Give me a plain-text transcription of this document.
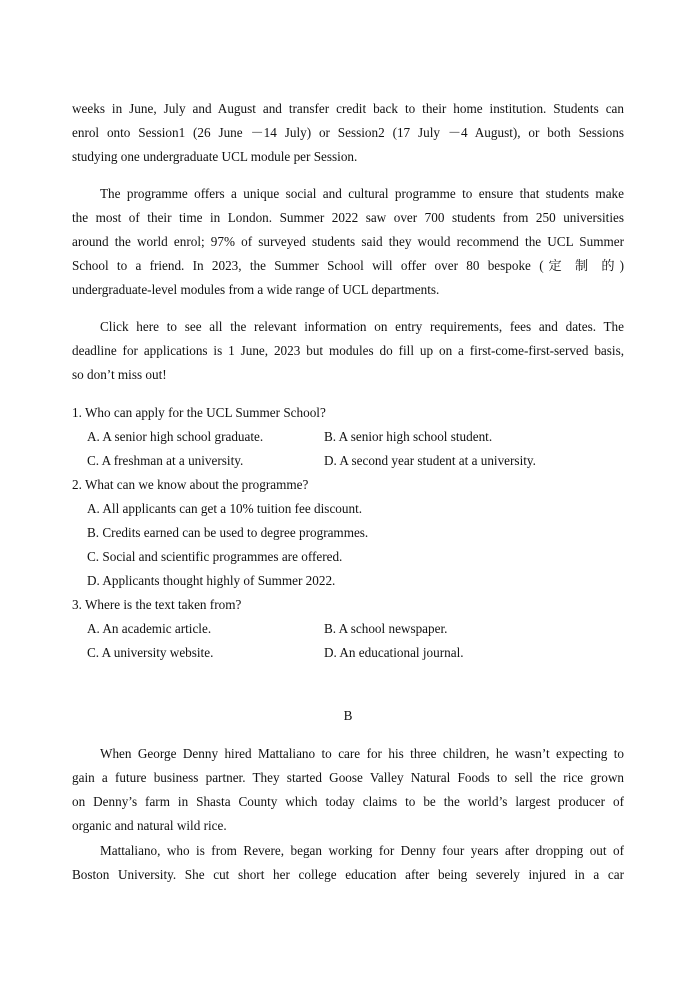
weeks in June, July and August and transfer credit back to their home institution. Students can
enrol onto Session1 (26 June －14 July) or Session2 (17 July －4 August), or both Sessions
studying one undergraduate UCL module per Session.
The programme offers a unique social and cultural programme to ensure that students make
the most of their time in London. Summer 2022 saw over 700 students from 250 universities
around the world enrol; 97% of surveyed students said they would recommend the UCL Summer
School to a friend. In 2023, the Summer School will offer over 80 bespoke (定 制 的)
undergraduate-level modules from a wide range of UCL departments.
Click here to see all the relevant information on entry requirements, fees and dates. The
deadline for applications is 1 June, 2023 but modules do fill up on a first-come-first-served basis,
so don’t miss out!
1. Who can apply for the UCL Summer School?
A. A senior high school graduate.	B. A senior high school student.
C. A freshman at a university.	D. A second year student at a university.
2. What can we know about the programme?
A. All applicants can get a 10% tuition fee discount.
B. Credits earned can be used to degree programmes.
C. Social and scientific programmes are offered.
D. Applicants thought highly of Summer 2022.
3. Where is the text taken from?
A. An academic article.	B. A school newspaper.
C. A university website.	D. An educational journal.
B
When George Denny hired Mattaliano to care for his three children, he wasn’t expecting to
gain a future business partner. They started Goose Valley Natural Foods to sell the rice grown
on Denny’s farm in Shasta County which today claims to be the world’s largest producer of
organic and natural wild rice.
Mattaliano, who is from Revere, began working for Denny four years after dropping out of
Boston University. She cut short her college education after being severely injured in a car
